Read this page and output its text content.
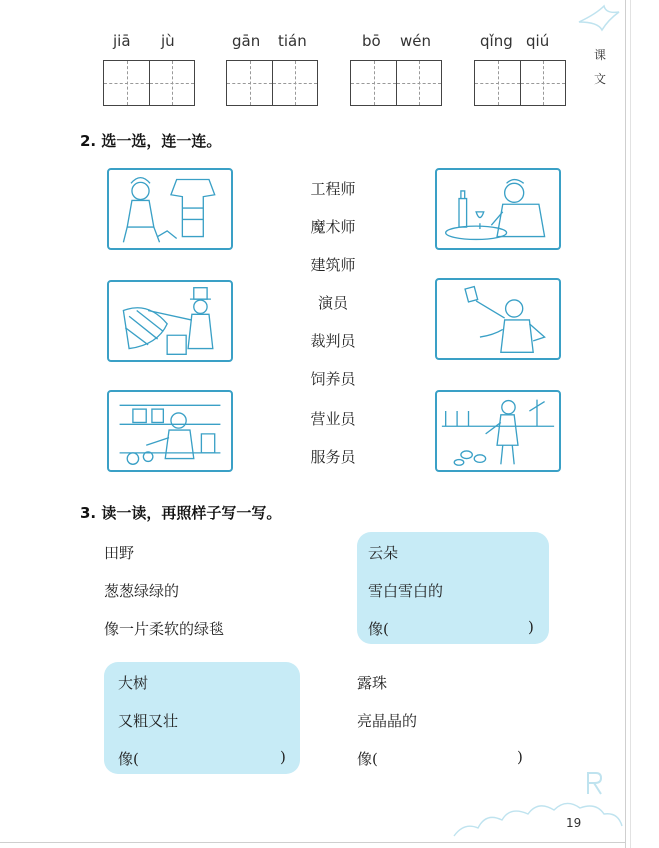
jiā jù	gān tián	bō wén	qǐng qiú
课
文
2. 选一选，连一连。
工程师
魔术师
建筑师
演员
裁判员
饲养员
营业员
服务员
3. 读一读，再照样子写一写。
田野
葱葱绿绿的
像一片柔软的绿毯
云朵
雪白雪白的
像(	)
大树
又粗又壮
像(	)
露珠
亮晶晶的
像(	)
19
